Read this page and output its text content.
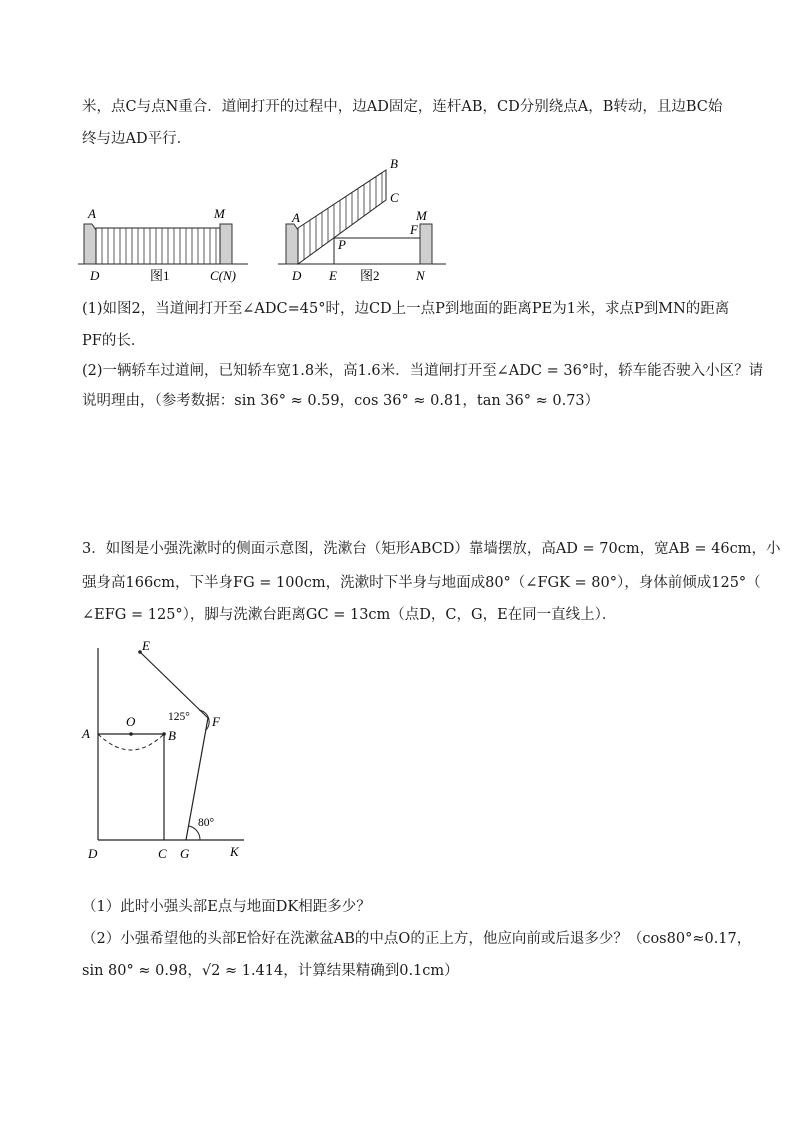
米，点C与点N重合．道闸打开的过程中，边AD固定，连杆AB，CD分别绕点A，B转动，且边BC始
终与边AD平行．
A	M
D	C(N)
图1
B
C
A	M
F
P
D E	N
图2
(1)如图2，当道闸打开至∠ADC=45°时，边CD上一点P到地面的距离PE为1米，求点P到MN的距离
PF的长．
(2)一辆轿车过道闸，已知轿车宽1.8米，高1.6米．当道闸打开至∠ADC = 36°时，轿车能否驶入小区？请
说明理由，（参考数据：sin 36° ≈ 0.59，cos 36° ≈ 0.81，tan 36° ≈ 0.73）
3．如图是小强洗漱时的侧面示意图，洗漱台（矩形ABCD）靠墙摆放，高AD = 70cm，宽AB = 46cm，小
强身高166cm，下半身FG = 100cm，洗漱时下半身与地面成80°（∠FGK = 80°），身体前倾成125°（
∠EFG = 125°），脚与洗漱台距离GC = 13cm（点D，C，G，E在同一直线上）．
E
F
A
O
B
D	C G	K
125°
80°
（1）此时小强头部E点与地面DK相距多少？
（2）小强希望他的头部E恰好在洗漱盆AB的中点O的正上方，他应向前或后退多少？（cos80°≈0.17，
sin 80° ≈ 0.98，√2 ≈ 1.414，计算结果精确到0.1cm）
